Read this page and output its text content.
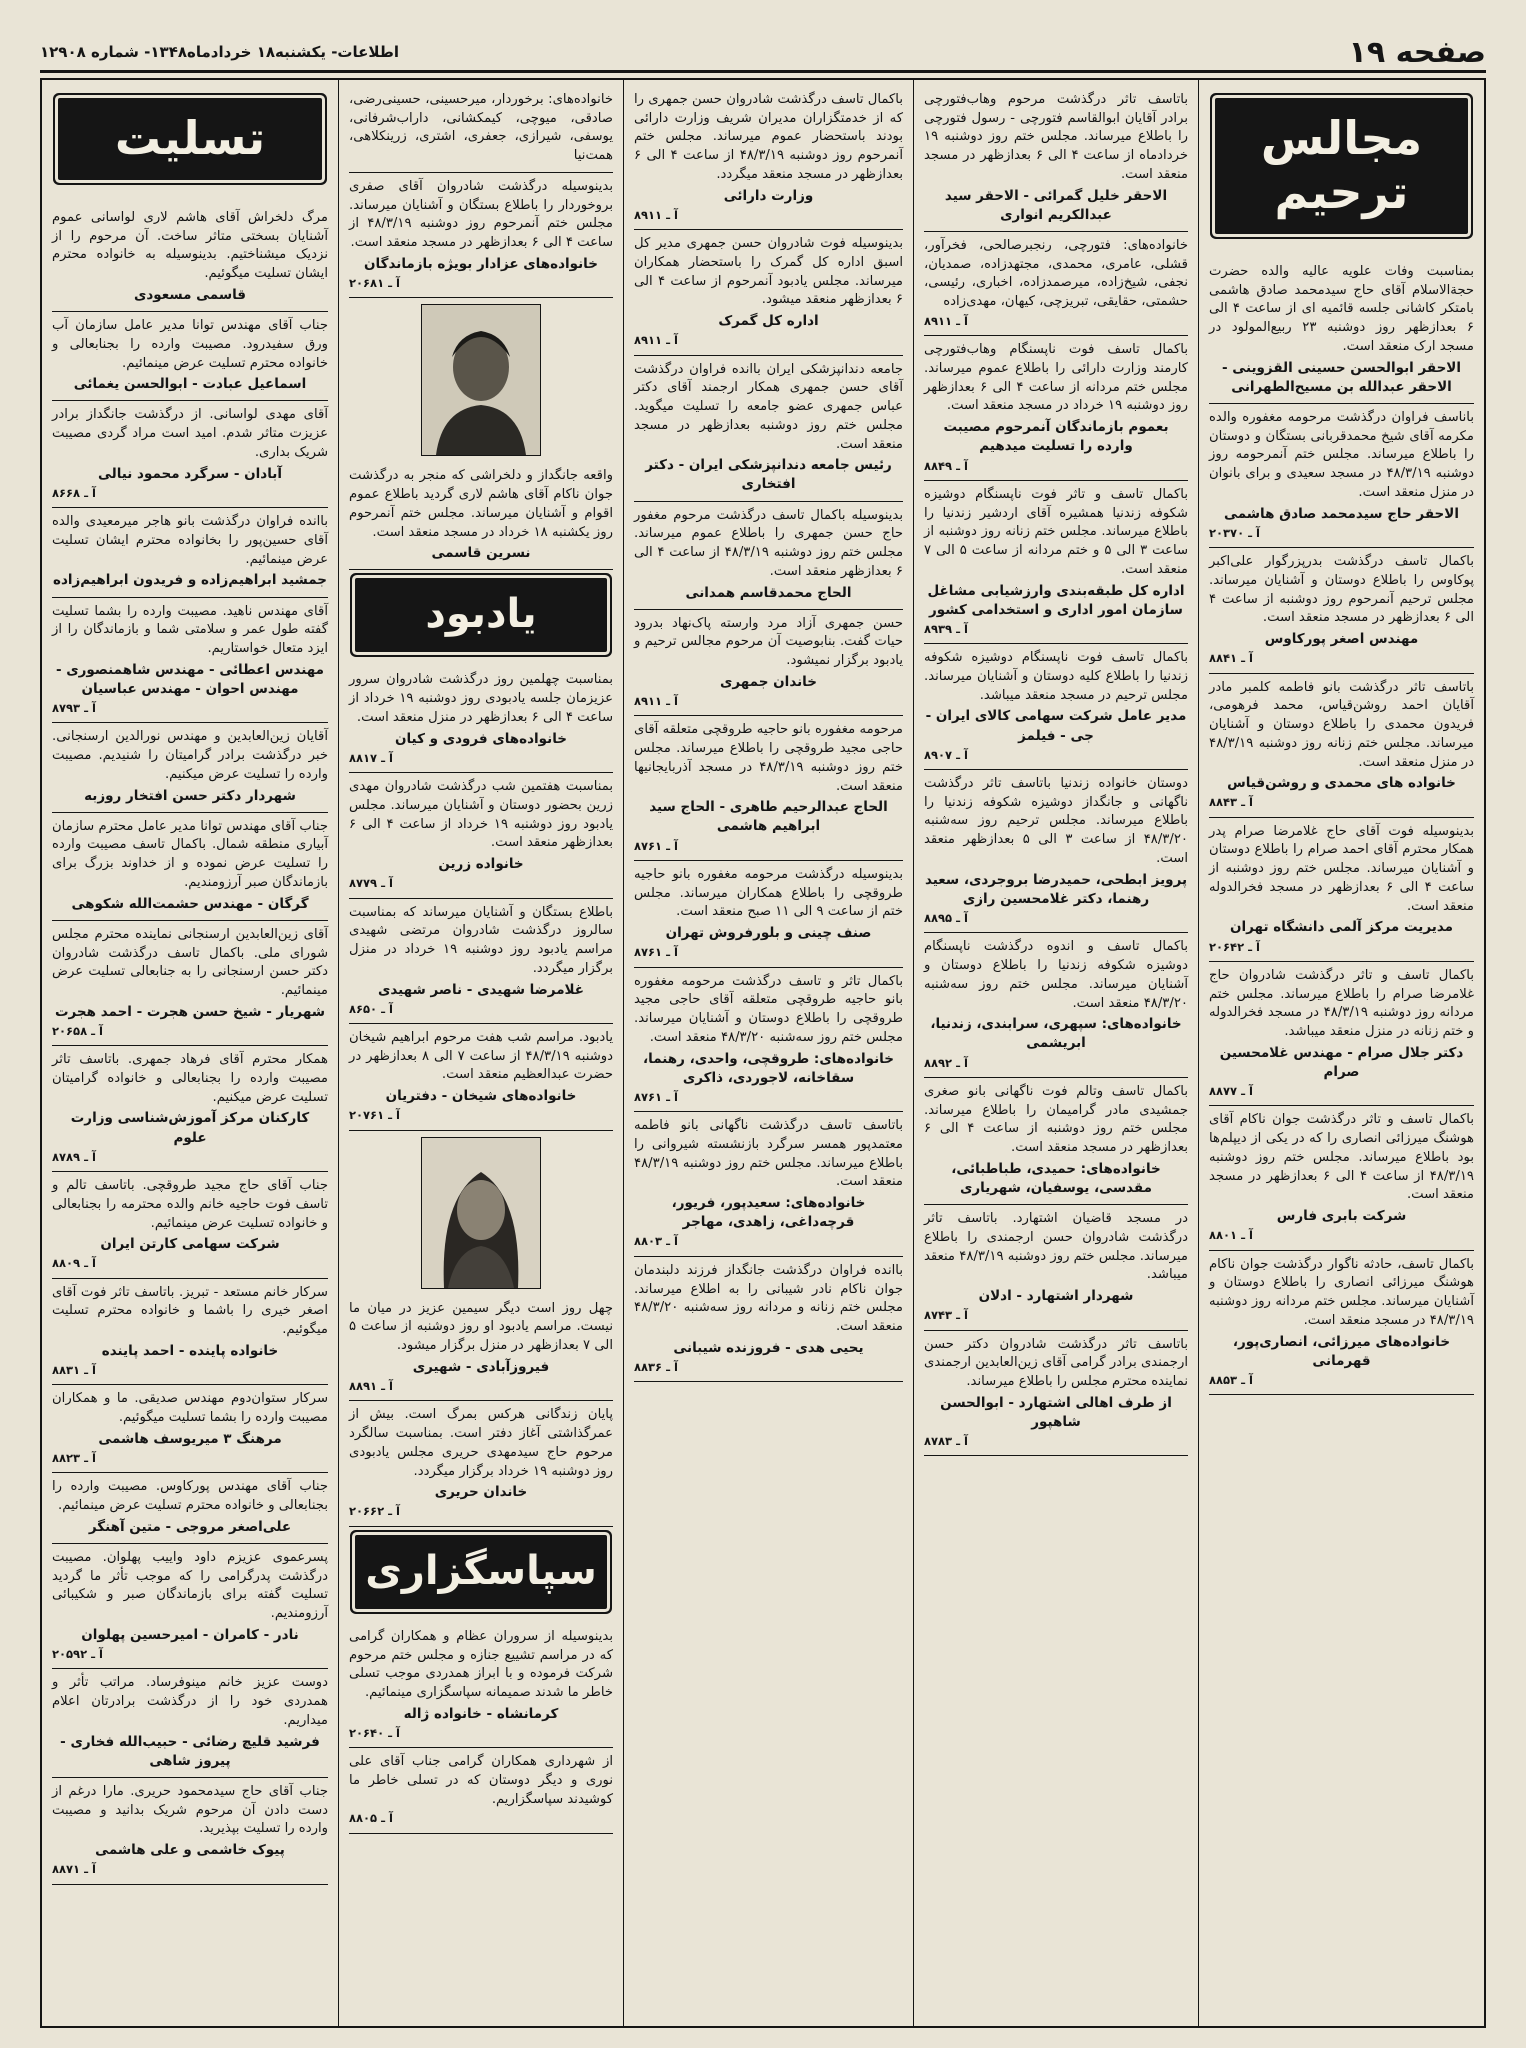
اطلاعات- یکشنبه۱۸ خردادماه۱۳۴۸- شماره ۱۲۹۰۸	صفحه ۱۹
مجالس ترحیم

بمناسبت وفات علویه عالیه والده حضرت حجة‌الاسلام آقای حاج سیدمحمد صادق هاشمی بامتکر کاشانی جلسه قائمیه ای از ساعت ۴ الی ۶ بعدازظهر روز دوشنبه ۲۳ ربیع‌المولود در مسجد ارک منعقد است.

الاحقر ابوالحسن حسینی القزوینی - الاحقر عبدالله بن مسیح‌الطهرانی

باناسف فراوان درگذشت مرحومه مغفوره والده مکرمه آقای شیخ محمدقربانی بستگان و دوستان را باطلاع میرساند. مجلس ختم آنمرحومه روز دوشنبه ۴۸/۳/۱۹ در مسجد سعیدی و برای بانوان در منزل منعقد است.

الاحقر حاج سیدمحمد صادق هاشمی
آ ـ ۲۰۳۷۰

باکمال تاسف درگذشت بدرپزرگوار علی‌اکبر پوکاوس را باطلاع دوستان و آشنایان میرساند. مجلس ترحیم آنمرحوم روز دوشنبه از ساعت ۴ الی ۶ بعدازظهر در مسجد منعقد است.

مهندس اصغر پورکاوس
آ ـ ۸۸۴۱

باتاسف تاثر درگذشت بانو فاطمه کلمبر مادر آقایان احمد روشن‌قیاس، محمد فرهومی، فریدون محمدی را باطلاع دوستان و آشنایان میرساند. مجلس ختم زنانه روز دوشنبه ۴۸/۳/۱۹ در منزل منعقد است.

خانواده های محمدی و روشن‌قیاس
آ ـ ۸۸۴۳

بدینوسیله فوت آقای حاج غلامرضا صرام پدر همکار محترم آقای احمد صرام را باطلاع دوستان و آشنایان میرساند. مجلس ختم روز دوشنبه از ساعت ۴ الی ۶ بعدازظهر در مسجد فخرالدوله منعقد است.

مدیریت مرکز آلمی دانشگاه تهران
آ ـ ۲۰۶۴۲

باکمال تاسف و تاثر درگذشت شادروان حاج غلامرضا صرام را باطلاع میرساند. مجلس ختم مردانه روز دوشنبه ۴۸/۳/۱۹ در مسجد فخرالدوله و ختم زنانه در منزل منعقد میباشد.

دکتر جلال صرام - مهندس غلامحسین صرام
آ ـ ۸۸۷۷

باکمال تاسف و تاثر درگذشت جوان ناکام آقای هوشنگ میرزائی انصاری را که در یکی از دیپلم‌ها بود باطلاع میرساند. مجلس ختم روز دوشنبه ۴۸/۳/۱۹ از ساعت ۴ الی ۶ بعدازظهر در مسجد منعقد است.

شرکت بابری فارس
آ ـ ۸۸۰۱

باکمال تاسف، حادثه ناگوار درگذشت جوان ناکام هوشنگ میرزائی انصاری را باطلاع دوستان و آشنایان میرساند. مجلس ختم مردانه روز دوشنبه ۴۸/۳/۱۹ در مسجد منعقد است.

خانواده‌های میرزائی، انصاری‌پور، قهرمانی
آ ـ ۸۸۵۳

باتاسف تاثر درگذشت مرحوم وهاب‌فتورچی برادر آقایان ابوالقاسم فتورچی - رسول فتورچی را باطلاع میرساند. مجلس ختم روز دوشنبه ۱۹ خردادماه از ساعت ۴ الی ۶ بعدازظهر در مسجد منعقد است.

الاحقر خلیل گمرائی - الاحقر سید عبدالکریم انواری

خانواده‌های: فتورچی، رنجبرصالحی، فخرآور، قشلی، عامری، محمدی، مجتهدزاده، صمدیان، نجفی، شیخ‌زاده، میرصمدزاده، اخباری، رئیسی، حشمتی، حقایقی، تبریزچی، کیهان، مهدی‌زاده

آ ـ ۸۹۱۱

باکمال تاسف فوت ناپسنگام وهاب‌فتورچی کارمند وزارت دارائی را باطلاع عموم میرساند. مجلس ختم مردانه از ساعت ۴ الی ۶ بعدازظهر روز دوشنبه ۱۹ خرداد در مسجد منعقد است.

بعموم بازماندگان آنمرحوم مصیبت وارده را تسلیت میدهیم
آ ـ ۸۸۴۹

باکمال تاسف و تاثر فوت ناپسنگام دوشیزه شکوفه زندنیا همشیره آقای اردشیر زندنیا را باطلاع میرساند. مجلس ختم زنانه روز دوشنبه از ساعت ۳ الی ۵ و ختم مردانه از ساعت ۵ الی ۷ منعقد است.

اداره کل طبقه‌بندی وارزشیابی مشاغل سازمان امور اداری و استخدامی کشور
آ ـ ۸۹۳۹

باکمال تاسف فوت ناپسنگام دوشیزه شکوفه زندنیا را باطلاع کلیه دوستان و آشنایان میرساند. مجلس ترحیم در مسجد منعقد میباشد.

مدیر عامل شرکت سهامی کالای ایران - جی - فیلمز
آ ـ ۸۹۰۷

دوستان خانواده زندنیا باتاسف تاثر درگذشت ناگهانی و جانگداز دوشیزه شکوفه زندنیا را باطلاع میرساند. مجلس ترحیم روز سه‌شنبه ۴۸/۳/۲۰ از ساعت ۳ الی ۵ بعدازظهر منعقد است.

پرویز ابطحی، حمیدرضا بروجردی، سعید رهنما، دکتر غلامحسین رازی
آ ـ ۸۸۹۵

باکمال تاسف و اندوه درگذشت ناپسنگام دوشیزه شکوفه زندنیا را باطلاع دوستان و آشنایان میرساند. مجلس ختم روز سه‌شنبه ۴۸/۳/۲۰ منعقد است.

خانواده‌های: سپهری، سرابندی، زندنیا، ابریشمی
آ ـ ۸۸۹۲

باکمال تاسف وتالم فوت ناگهانی بانو صغری جمشیدی مادر گرامیمان را باطلاع میرساند. مجلس ختم روز دوشنبه از ساعت ۴ الی ۶ بعدازظهر در مسجد منعقد است.

خانواده‌های: حمیدی، طباطبائی، مقدسی، یوسفیان، شهریاری

در مسجد قاضیان اشتهارد. باتاسف تاثر درگذشت شادروان حسن ارجمندی را باطلاع میرساند. مجلس ختم روز دوشنبه ۴۸/۳/۱۹ منعقد میباشد.

شهردار اشتهارد - ادلان
آ ـ ۸۷۴۳

باتاسف تاثر درگذشت شادروان دکتر حسن ارجمندی برادر گرامی آقای زین‌العابدین ارجمندی نماینده محترم مجلس را باطلاع میرساند.

از طرف اهالی اشتهارد - ابوالحسن شاهپور
آ ـ ۸۷۸۳

باکمال تاسف درگذشت شادروان حسن جمهری را که از خدمتگزاران مدیران شریف وزارت دارائی بودند باستحضار عموم میرساند. مجلس ختم آنمرحوم روز دوشنبه ۴۸/۳/۱۹ از ساعت ۴ الی ۶ بعدازظهر در مسجد منعقد میگردد.

وزارت دارائی
آ ـ ۸۹۱۱

بدینوسیله فوت شادروان حسن جمهری مدیر کل اسبق اداره کل گمرک را باستحضار همکاران میرساند. مجلس یادبود آنمرحوم از ساعت ۴ الی ۶ بعدازظهر منعقد میشود.

اداره کل گمرک
آ ـ ۸۹۱۱

جامعه دندانپزشکی ایران باانده فراوان درگذشت آقای حسن جمهری همکار ارجمند آقای دکتر عباس جمهری عضو جامعه را تسلیت میگوید. مجلس ختم روز دوشنبه بعدازظهر در مسجد منعقد است.

رئیس جامعه دندانپزشکی ایران - دکتر افتخاری

بدینوسیله باکمال تاسف درگذشت مرحوم مغفور حاج حسن جمهری را باطلاع عموم میرساند. مجلس ختم روز دوشنبه ۴۸/۳/۱۹ از ساعت ۴ الی ۶ بعدازظهر منعقد است.

الحاج محمدقاسم همدانی

حسن جمهری آزاد مرد وارسته پاک‌نهاد بدرود حیات گفت. بنابوصیت آن مرحوم مجالس ترحیم و یادبود برگزار نمیشود.

خاندان جمهری
آ ـ ۸۹۱۱

مرحومه مغفوره بانو حاجیه طروقچی متعلقه آقای حاجی مجید طروقچی را باطلاع میرساند. مجلس ختم روز دوشنبه ۴۸/۳/۱۹ در مسجد آذربایجانیها منعقد است.

الحاج عبدالرحیم طاهری - الحاج سید ابراهیم هاشمی
آ ـ ۸۷۶۱

بدینوسیله درگذشت مرحومه مغفوره بانو حاجیه طروقچی را باطلاع همکاران میرساند. مجلس ختم از ساعت ۹ الی ۱۱ صبح منعقد است.

صنف چینی و بلورفروش تهران
آ ـ ۸۷۶۱

باکمال تاثر و تاسف درگذشت مرحومه مغفوره بانو حاجیه طروقچی متعلقه آقای حاجی مجید طروقچی را باطلاع دوستان و آشنایان میرساند. مجلس ختم روز سه‌شنبه ۴۸/۳/۲۰ منعقد است.

خانواده‌های: طروقچی، واحدی، رهنما، سقاخانه، لاجوردی، ذاکری
آ ـ ۸۷۶۱

باتاسف تاسف درگذشت ناگهانی بانو فاطمه معتمدپور همسر سرگرد بازنشسته شیروانی را باطلاع میرساند. مجلس ختم روز دوشنبه ۴۸/۳/۱۹ منعقد است.

خانواده‌های: سعیدپور، فریور، قرچه‌داغی، زاهدی، مهاجر
آ ـ ۸۸۰۳

باانده فراوان درگذشت جانگداز فرزند دلبندمان جوان ناکام نادر شیبانی را به اطلاع میرساند. مجلس ختم زنانه و مردانه روز سه‌شنبه ۴۸/۳/۲۰ منعقد است.

یحیی هدی - فروزنده شیبانی
آ ـ ۸۸۳۶

خانواده‌های: برخوردار، میرحسینی، حسینی‌رضی، صادقی، میوچی، کیمکشانی، داراب‌شرفانی، یوسفی، شیرازی، جعفری، اشتری، زرینکلاهی، همت‌نیا

بدینوسیله درگذشت شادروان آقای صفری بروخوردار را باطلاع بستگان و آشنایان میرساند. مجلس ختم آنمرحوم روز دوشنبه ۴۸/۳/۱۹ از ساعت ۴ الی ۶ بعدازظهر در مسجد منعقد است.

خانواده‌های عزادار بویژه بازماندگان
آ ـ ۲۰۶۸۱

واقعه جانگداز و دلخراشی که منجر به درگذشت جوان ناکام آقای هاشم لاری گردید باطلاع عموم اقوام و آشنایان میرساند. مجلس ختم آنمرحوم روز یکشنبه ۱۸ خرداد در مسجد منعقد است.

نسرین قاسمی
یادبود

بمناسبت چهلمین روز درگذشت شادروان سرور عزیزمان جلسه یادبودی روز دوشنبه ۱۹ خرداد از ساعت ۴ الی ۶ بعدازظهر در منزل منعقد است.

خانواده‌های فرودی و کیان
آ ـ ۸۸۱۷

بمناسبت هفتمین شب درگذشت شادروان مهدی زرین بحضور دوستان و آشنایان میرساند. مجلس یادبود روز دوشنبه ۱۹ خرداد از ساعت ۴ الی ۶ بعدازظهر منعقد است.

خانواده زرین
آ ـ ۸۷۷۹

باطلاع بستگان و آشنایان میرساند که بمناسبت سالروز درگذشت شادروان مرتضی شهیدی مراسم یادبود روز دوشنبه ۱۹ خرداد در منزل برگزار میگردد.

غلامرضا شهیدی - ناصر شهیدی
آ ـ ۸۶۵۰

یادبود. مراسم شب هفت مرحوم ابراهیم شیخان دوشنبه ۴۸/۳/۱۹ از ساعت ۷ الی ۸ بعدازظهر در حضرت عبدالعظیم منعقد است.

خانواده‌های شیخان - دفتریان
آ ـ ۲۰۷۶۱

چهل روز است دیگر سیمین عزیز در میان ما نیست. مراسم یادبود او روز دوشنبه از ساعت ۵ الی ۷ بعدازظهر در منزل برگزار میشود.

فیروزآبادی - شهیری
آ ـ ۸۸۹۱

پایان زندگانی هرکس بمرگ است. بیش از عمرگذاشتی آغاز دفتر است. بمناسبت سالگرد مرحوم حاج سیدمهدی حریری مجلس یادبودی روز دوشنبه ۱۹ خرداد برگزار میگردد.

خاندان حریری
آ ـ ۲۰۶۶۲
سپاسگزاری

بدینوسیله از سروران عظام و همکاران گرامی که در مراسم تشییع جنازه و مجلس ختم مرحوم شرکت فرموده و با ابراز همدردی موجب تسلی خاطر ما شدند صمیمانه سپاسگزاری مینمائیم.

کرمانشاه - خانواده ژاله
آ ـ ۲۰۶۴۰

از شهرداری همکاران گرامی جناب آقای علی نوری و دیگر دوستان که در تسلی خاطر ما کوشیدند سپاسگزاریم.

آ ـ ۸۸۰۵
تسلیت

مرگ دلخراش آقای هاشم لاری لواسانی عموم آشنایان بسختی متاثر ساخت. آن مرحوم را از نزدیک میشناختیم. بدینوسیله به خانواده محترم ایشان تسلیت میگوئیم.

قاسمی مسعودی

جناب آقای مهندس توانا مدیر عامل سازمان آب ورق سفیدرود. مصیبت وارده را بجنابعالی و خانواده محترم تسلیت عرض مینمائیم.

اسماعیل عبادت - ابوالحسن یغمائی

آقای مهدی لواسانی. از درگذشت جانگداز برادر عزیزت متاثر شدم. امید است مراد گردی مصیبت شریک بداری.

آبادان - سرگرد محمود نیالی
آ ـ ۸۶۶۸

باانده فراوان درگذشت بانو هاجر میرمعیدی والده آقای حسین‌پور را بخانواده محترم ایشان تسلیت عرض مینمائیم.

جمشید ابراهیم‌زاده و فریدون ابراهیم‌زاده

آقای مهندس ناهید. مصیبت وارده را بشما تسلیت گفته طول عمر و سلامتی شما و بازماندگان را از ایزد متعال خواستاریم.

مهندس اعطائی - مهندس شاهمنصوری - مهندس احوان - مهندس عباسیان
آ ـ ۸۷۹۳

آقایان زین‌العابدین و مهندس نورالدین ارسنجانی. خبر درگذشت برادر گرامیتان را شنیدیم. مصیبت وارده را تسلیت عرض میکنیم.

شهردار دکتر حسن افتخار روزبه

جناب آقای مهندس توانا مدیر عامل محترم سازمان آبیاری منطقه شمال. باکمال تاسف مصیبت وارده را تسلیت عرض نموده و از خداوند بزرگ برای بازماندگان صبر آرزومندیم.

گرگان - مهندس حشمت‌الله شکوهی

آقای زین‌العابدین ارسنجانی نماینده محترم مجلس شورای ملی. باکمال تاسف درگذشت شادروان دکتر حسن ارسنجانی را به جنابعالی تسلیت عرض مینمائیم.

شهریار - شیخ حسن هجرت - احمد هجرت
آ ـ ۲۰۶۵۸

همکار محترم آقای فرهاد جمهری. باتاسف تاثر مصیبت وارده را بجنابعالی و خانواده گرامیتان تسلیت عرض میکنیم.

کارکنان مرکز آموزش‌شناسی وزارت علوم
آ ـ ۸۷۸۹

جناب آقای حاج مجید طروقچی. باتاسف تالم و تاسف فوت حاجیه خانم والده محترمه را بجنابعالی و خانواده تسلیت عرض مینمائیم.

شرکت سهامی کارتن ایران
آ ـ ۸۸۰۹

سرکار خانم مستعد - تبریز. باتاسف تاثر فوت آقای اصغر خیری را باشما و خانواده محترم تسلیت میگوئیم.

خانواده پاینده - احمد پاینده
آ ـ ۸۸۳۱

سرکار ستوان‌دوم مهندس صدیقی. ما و همکاران مصیبت وارده را بشما تسلیت میگوئیم.

مرهنگ ۳ میریوسف هاشمی
آ ـ ۸۸۲۳

جناب آقای مهندس پورکاوس. مصیبت وارده را بجنابعالی و خانواده محترم تسلیت عرض مینمائیم.

علی‌اصغر مروجی - متین آهنگر

پسرعموی عزیزم داود واییب پهلوان. مصیبت درگذشت پدرگرامی را که موجب تأثر ما گردید تسلیت گفته برای بازماندگان صبر و شکیبائی آرزومندیم.

نادر - کامران - امیرحسین پهلوان
آ ـ ۲۰۵۹۲

دوست عزیز خانم مینوفرساد. مراتب تأثر و همدردی خود را از درگذشت برادرتان اعلام میداریم.

فرشید قلیچ رضائی - حبیب‌الله فخاری - پیروز شاهی

جناب آقای حاج سیدمحمود حریری. مارا درغم از دست دادن آن مرحوم شریک بدانید و مصیبت وارده را تسلیت بپذیرید.

پیوک خاشمی و علی هاشمی
آ ـ ۸۸۷۱
